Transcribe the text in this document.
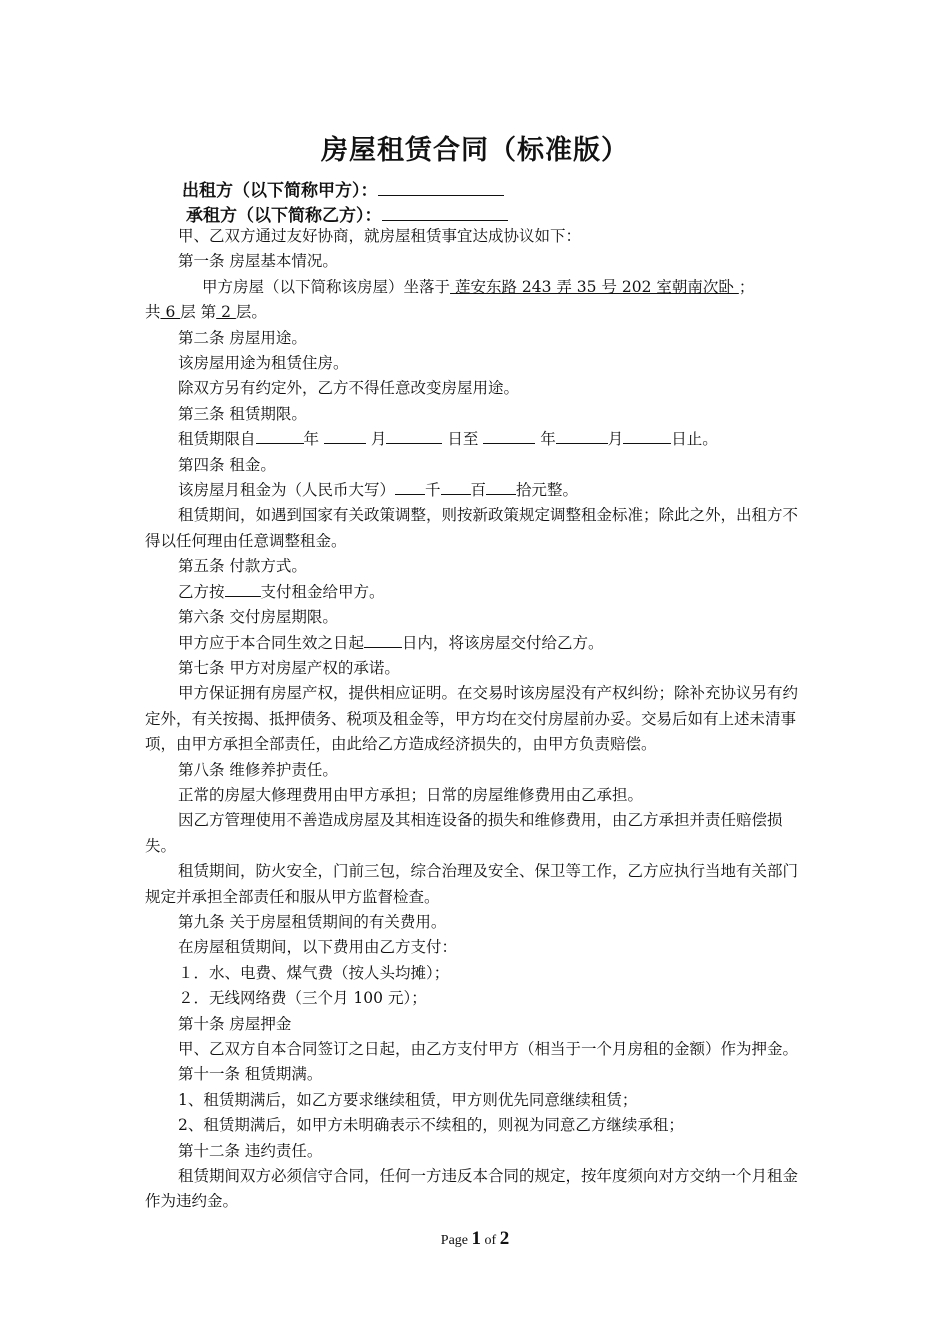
房屋租赁合同（标准版）
出租方（以下简称甲方）：
承租方（以下简称乙方）：

甲、乙双方通过友好协商，就房屋租赁事宜达成协议如下：

第一条 房屋基本情况。

甲方房屋（以下简称该房屋）坐落于 莲安东路 243 弄 35 号 202 室朝南次卧 ；

共 6 层 第 2 层。

第二条 房屋用途。

该房屋用途为租赁住房。

除双方另有约定外，乙方不得任意改变房屋用途。

第三条 租赁期限。

租赁期限自	年	月	日至	年	月	日止。

第四条 租金。

该房屋月租金为（人民币大写） 千 百 拾元整。

租赁期间，如遇到国家有关政策调整，则按新政策规定调整租金标准；除此之外，出租方不得以任何理由任意调整租金。

第五条 付款方式。

乙方按 支付租金给甲方。

第六条 交付房屋期限。

甲方应于本合同生效之日起 日内，将该房屋交付给乙方。

第七条 甲方对房屋产权的承诺。

甲方保证拥有房屋产权，提供相应证明。在交易时该房屋没有产权纠纷；除补充协议另有约定外，有关按揭、抵押债务、税项及租金等，甲方均在交付房屋前办妥。交易后如有上述未清事项，由甲方承担全部责任，由此给乙方造成经济损失的，由甲方负责赔偿。

第八条 维修养护责任。

正常的房屋大修理费用由甲方承担；日常的房屋维修费用由乙承担。

因乙方管理使用不善造成房屋及其相连设备的损失和维修费用，由乙方承担并责任赔偿损失。

租赁期间，防火安全，门前三包，综合治理及安全、保卫等工作，乙方应执行当地有关部门规定并承担全部责任和服从甲方监督检查。

第九条 关于房屋租赁期间的有关费用。

在房屋租赁期间，以下费用由乙方支付：

１．水、电费、煤气费（按人头均摊）；

２．无线网络费（三个月 100 元）；

第十条 房屋押金

甲、乙双方自本合同签订之日起，由乙方支付甲方（相当于一个月房租的金额）作为押金。

第十一条 租赁期满。

1、租赁期满后，如乙方要求继续租赁，甲方则优先同意继续租赁；

2、租赁期满后，如甲方未明确表示不续租的，则视为同意乙方继续承租；

第十二条 违约责任。

租赁期间双方必须信守合同，任何一方违反本合同的规定，按年度须向对方交纳一个月租金作为违约金。

Page 1 of 2
